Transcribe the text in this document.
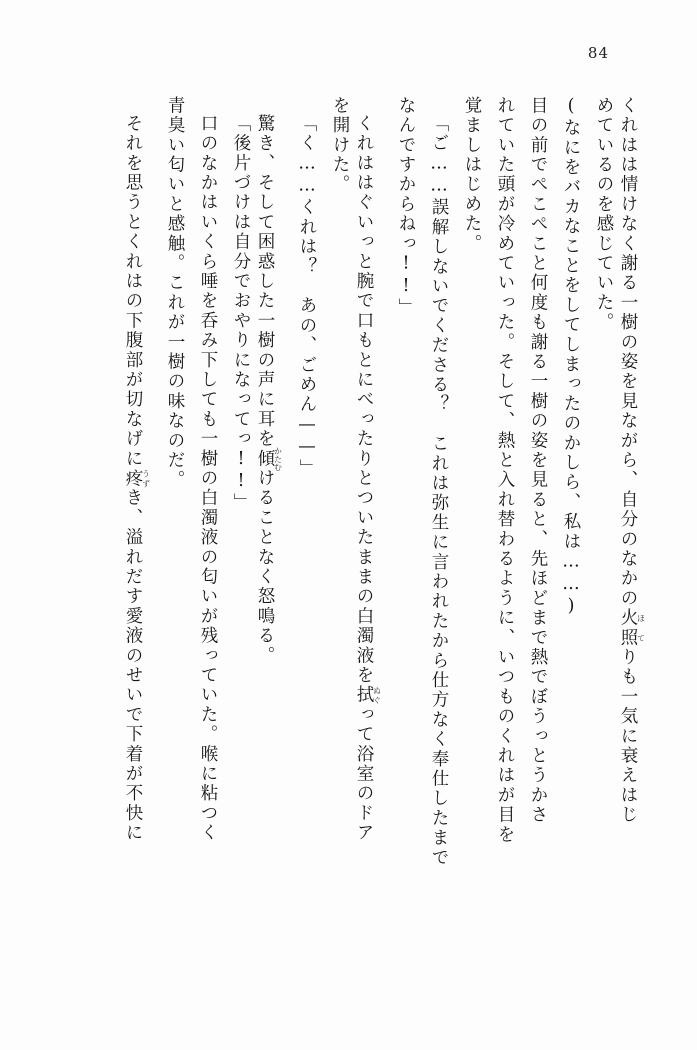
84
くれはは情けなく謝る一樹の姿を見ながら、自分のなかの火ほ照てりも一気に衰えはじ
めているのを感じていた。
(なにをバカなことをしてしまったのかしら、私は……)
目の前でぺこぺこと何度も謝る一樹の姿を見ると、先ほどまで熱でぼうっとうかさ
れていた頭が冷めていった。そして、熱と入れ替わるように、いつものくれはが目を
覚ましはじめた。
「ご……誤解しないでくださる？　これは弥生に言われたから仕方なく奉仕したまで
なんですからねっ!!」
くれははぐいっと腕で口もとにべったりとついたままの白濁液を拭ぬぐって浴室のドア
を開けた。
「く……くれは？　あの、ごめん——」
驚き、そして困惑した一樹の声に耳を傾かたむけることなく怒鳴る。
「後片づけは自分でおやりになってっ!!」
口のなかはいくら唾を呑み下しても一樹の白濁液の匂いが残っていた。喉に粘つく
青臭い匂いと感触。これが一樹の味なのだ。
それを思うとくれはの下腹部が切なげに疼うずき、溢れだす愛液のせいで下着が不快に
